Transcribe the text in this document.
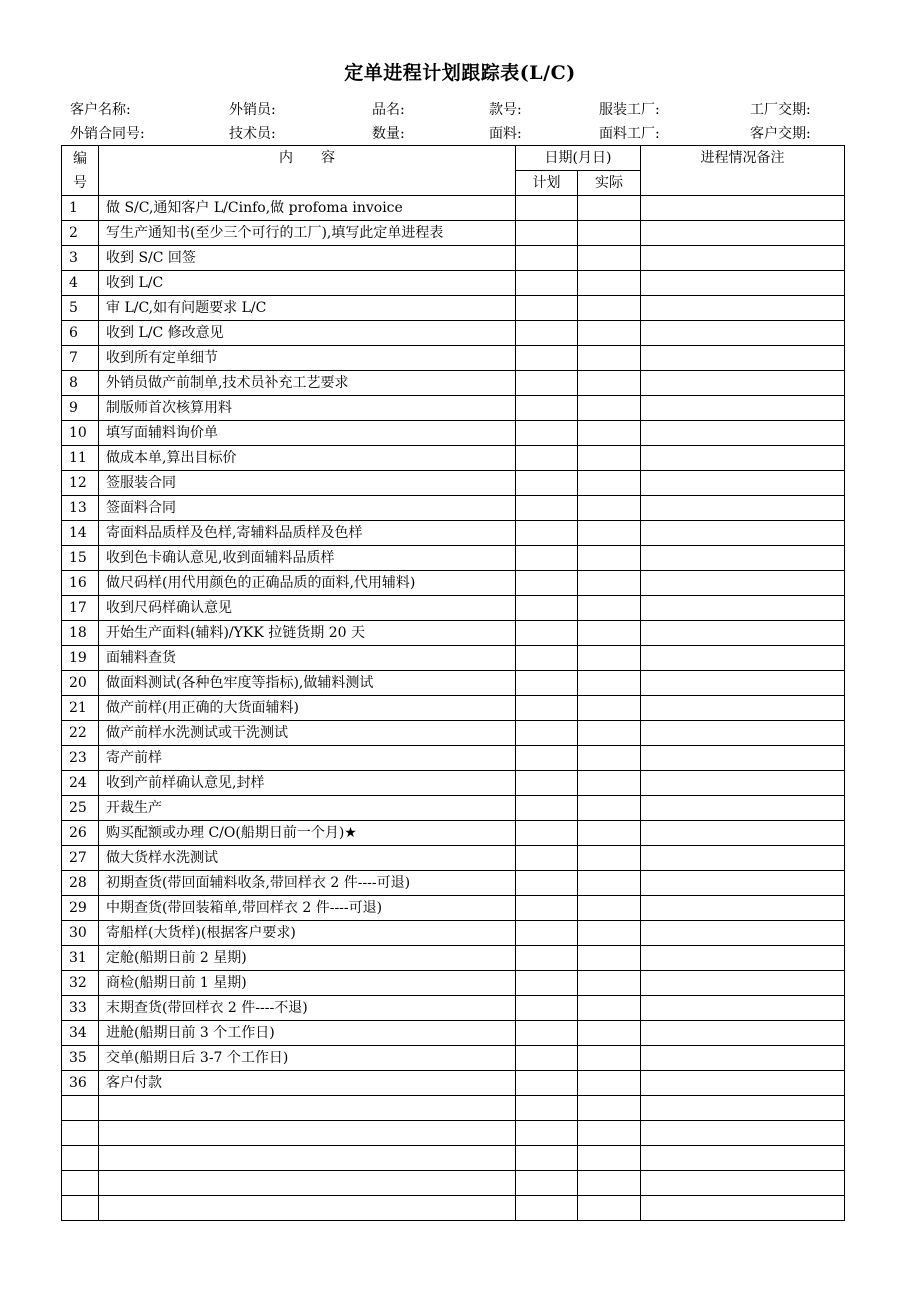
定单进程计划跟踪表(L/C)
客户名称:	外销员:	品名:	款号:	服装工厂:	工厂交期:
外销合同号:	技术员:	数量:	面料:	面料工厂:	客户交期:
编
号	内  容	日期(月日)		进程情况备注
		计划	实际	
1	做 S/C,通知客户 L/Cinfo,做 profoma invoice			
2	写生产通知书(至少三个可行的工厂),填写此定单进程表			
3	收到 S/C 回签			
4	收到 L/C			
5	审 L/C,如有问题要求 L/C			
6	收到 L/C 修改意见			
7	收到所有定单细节			
8	外销员做产前制单,技术员补充工艺要求			
9	制版师首次核算用料			
10	填写面辅料询价单			
11	做成本单,算出目标价			
12	签服装合同			
13	签面料合同			
14	寄面料品质样及色样,寄辅料品质样及色样			
15	收到色卡确认意见,收到面辅料品质样			
16	做尺码样(用代用颜色的正确品质的面料,代用辅料)			
17	收到尺码样确认意见			
18	开始生产面料(辅料)/YKK 拉链货期 20 天			
19	面辅料查货			
20	做面料测试(各种色牢度等指标),做辅料测试			
21	做产前样(用正确的大货面辅料)			
22	做产前样水洗测试或干洗测试			
23	寄产前样			
24	收到产前样确认意见,封样			
25	开裁生产			
26	购买配额或办理 C/O(船期日前一个月)★			
27	做大货样水洗测试			
28	初期查货(带回面辅料收条,带回样衣 2 件----可退)			
29	中期查货(带回装箱单,带回样衣 2 件----可退)			
30	寄船样(大货样)(根据客户要求)			
31	定舱(船期日前 2 星期)			
32	商检(船期日前 1 星期)			
33	末期查货(带回样衣 2 件----不退)			
34	进舱(船期日前 3 个工作日)			
35	交单(船期日后 3-7 个工作日)			
36	客户付款			
